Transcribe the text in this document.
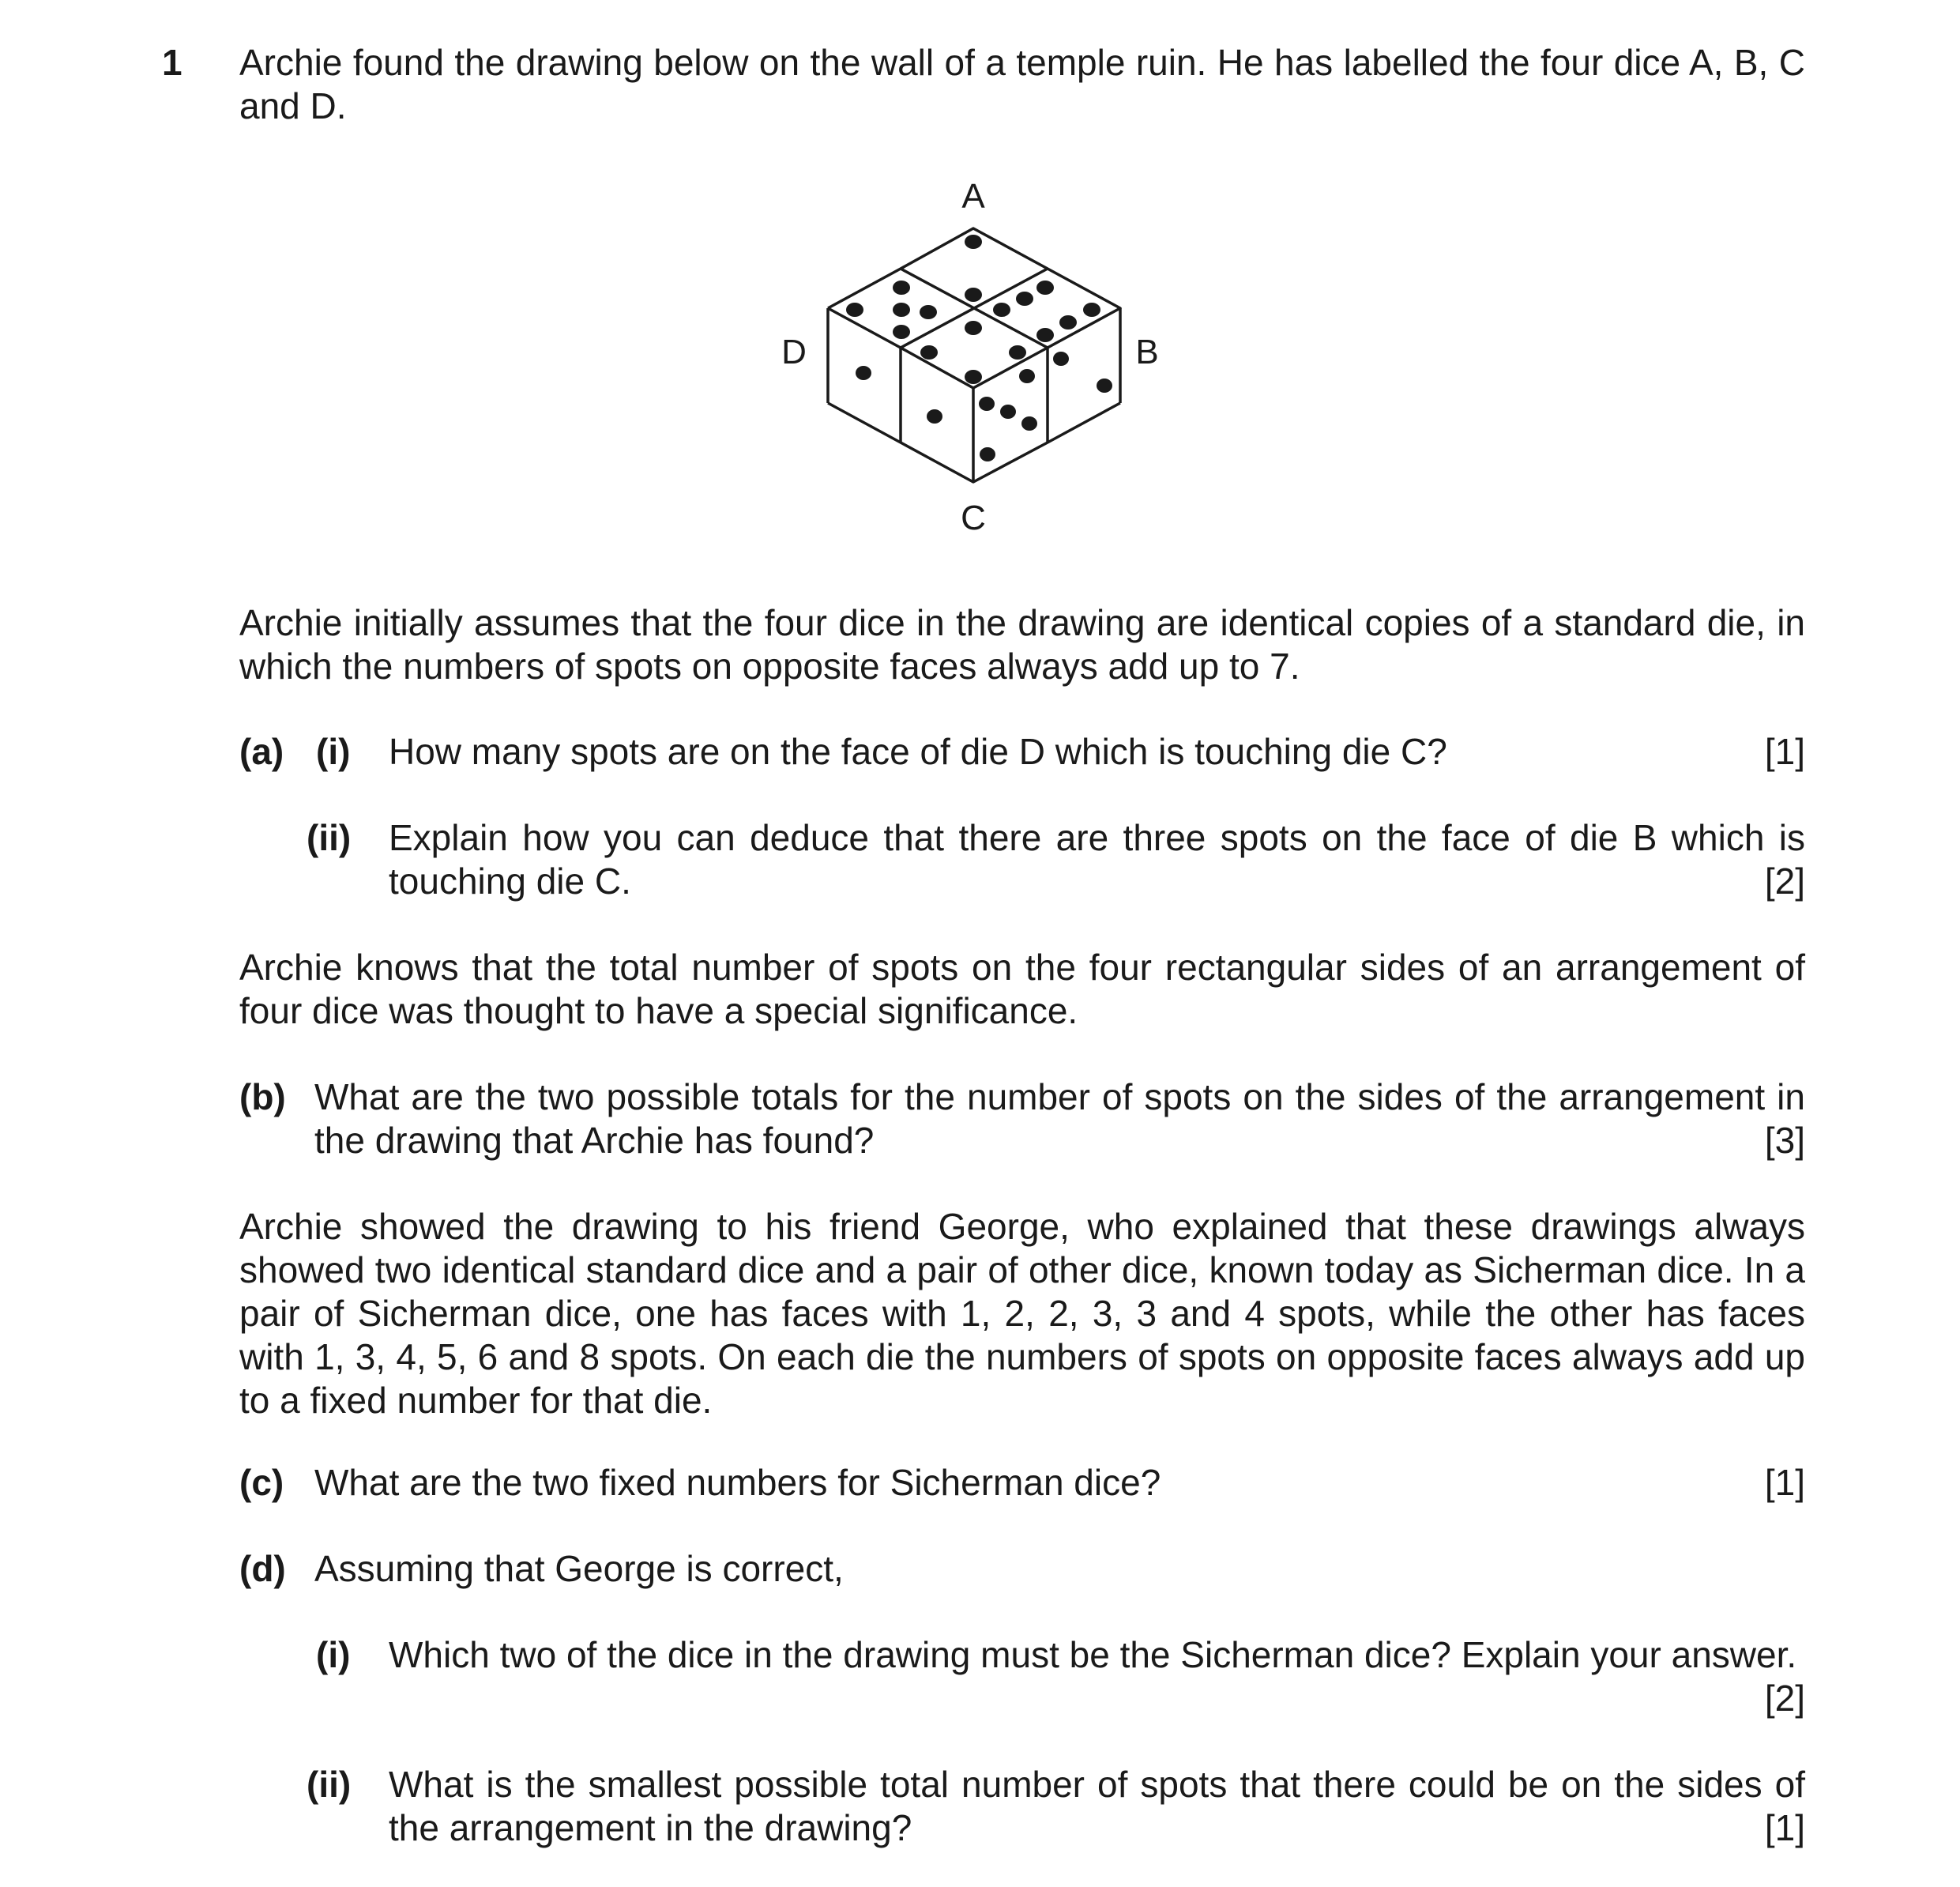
1 Archie found the drawing below on the wall of a temple ruin. He has labelled the four dice A, B, C and D.

A
D	B
C

Archie initially assumes that the four dice in the drawing are identical copies of a standard die, in which the numbers of spots on opposite faces always add up to 7.

(a) (i) How many spots are on the face of die D which is touching die C?	[1]
(ii) Explain how you can deduce that there are three spots on the face of die B which is touching die C.	[2]

Archie knows that the total number of spots on the four rectangular sides of an arrangement of four dice was thought to have a special significance.

(b) What are the two possible totals for the number of spots on the sides of the arrangement in the drawing that Archie has found?	[3]

Archie showed the drawing to his friend George, who explained that these drawings always showed two identical standard dice and a pair of other dice, known today as Sicherman dice. In a pair of Sicherman dice, one has faces with 1, 2, 2, 3, 3 and 4 spots, while the other has faces with 1, 3, 4, 5, 6 and 8 spots. On each die the numbers of spots on opposite faces always add up to a fixed number for that die.

(c) What are the two fixed numbers for Sicherman dice?	[1]
(d) Assuming that George is correct,

(i) Which two of the dice in the drawing must be the Sicherman dice? Explain your answer.

[2]
(ii) What is the smallest possible total number of spots that there could be on the sides of the arrangement in the drawing?	[1]
